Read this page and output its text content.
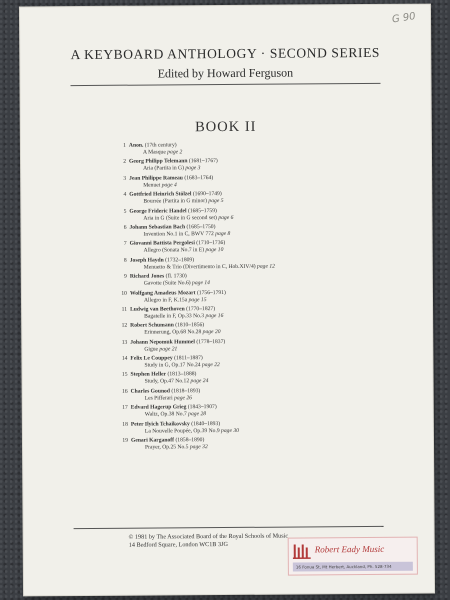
G 90
A KEYBOARD ANTHOLOGY · SECOND SERIES
Edited by Howard Ferguson
BOOK II
1 Anon. (17th century)
A Masque page 2
2 Georg Philipp Telemann (1681–1767)
Aria (Partita in G) page 3
3 Jean Philippe Rameau (1683–1764)
Menuet page 4
4 Gottfried Heinrich Stölzel (1690–1749)
Bourrée (Partita in G minor) page 5
5 George Frideric Handel (1685–1759)
Aria in G (Suite in G second set) page 6
6 Johann Sebastian Bach (1685–1750)
Invention No.1 in C, BWV 772 page 8
7 Giovanni Battista Pergolesi (1710–1736)
Allegro (Sonata No.7 in E) page 10
8 Joseph Haydn (1732–1809)
Menuetto & Trio (Divertimento in C, Hob.XIV/4) page 12
9 Richard Jones (fl. 1730)
Gavotte (Suite No.6) page 14
10 Wolfgang Amadeus Mozart (1756–1791)
Allegro in F, K.15a page 15
11 Ludwig van Beethoven (1770–1827)
Bagatelle in F, Op.33 No.3 page 16
12 Robert Schumann (1810–1856)
Erinnerung, Op.68 No.28 page 20
13 Johann Nepomuk Hummel (1778–1837)
Gigue page 21
14 Felix Le Couppey (1811–1887)
Study in G, Op.17 No.24 page 22
15 Stephen Heller (1813–1888)
Study, Op.47 No.12 page 24
16 Charles Gounod (1818–1893)
Les Pifferari page 26
17 Edvard Hagerup Grieg (1843–1907)
Waltz, Op.38 No.7 page 28
18 Peter Ilyich Tchaikovsky (1840–1893)
La Nouvelle Poupée, Op.39 No.9 page 30
19 Genari Karganoff (1858–1890)
Prayer, Op.25 No.5 page 32
© 1981 by The Associated Board of the Royal Schools of Music
14 Bedford Square, London WC1B 3JG	Robert Eady Music
16 Fonua St, Mt Herbert, Auckland, Ph. 528-734
